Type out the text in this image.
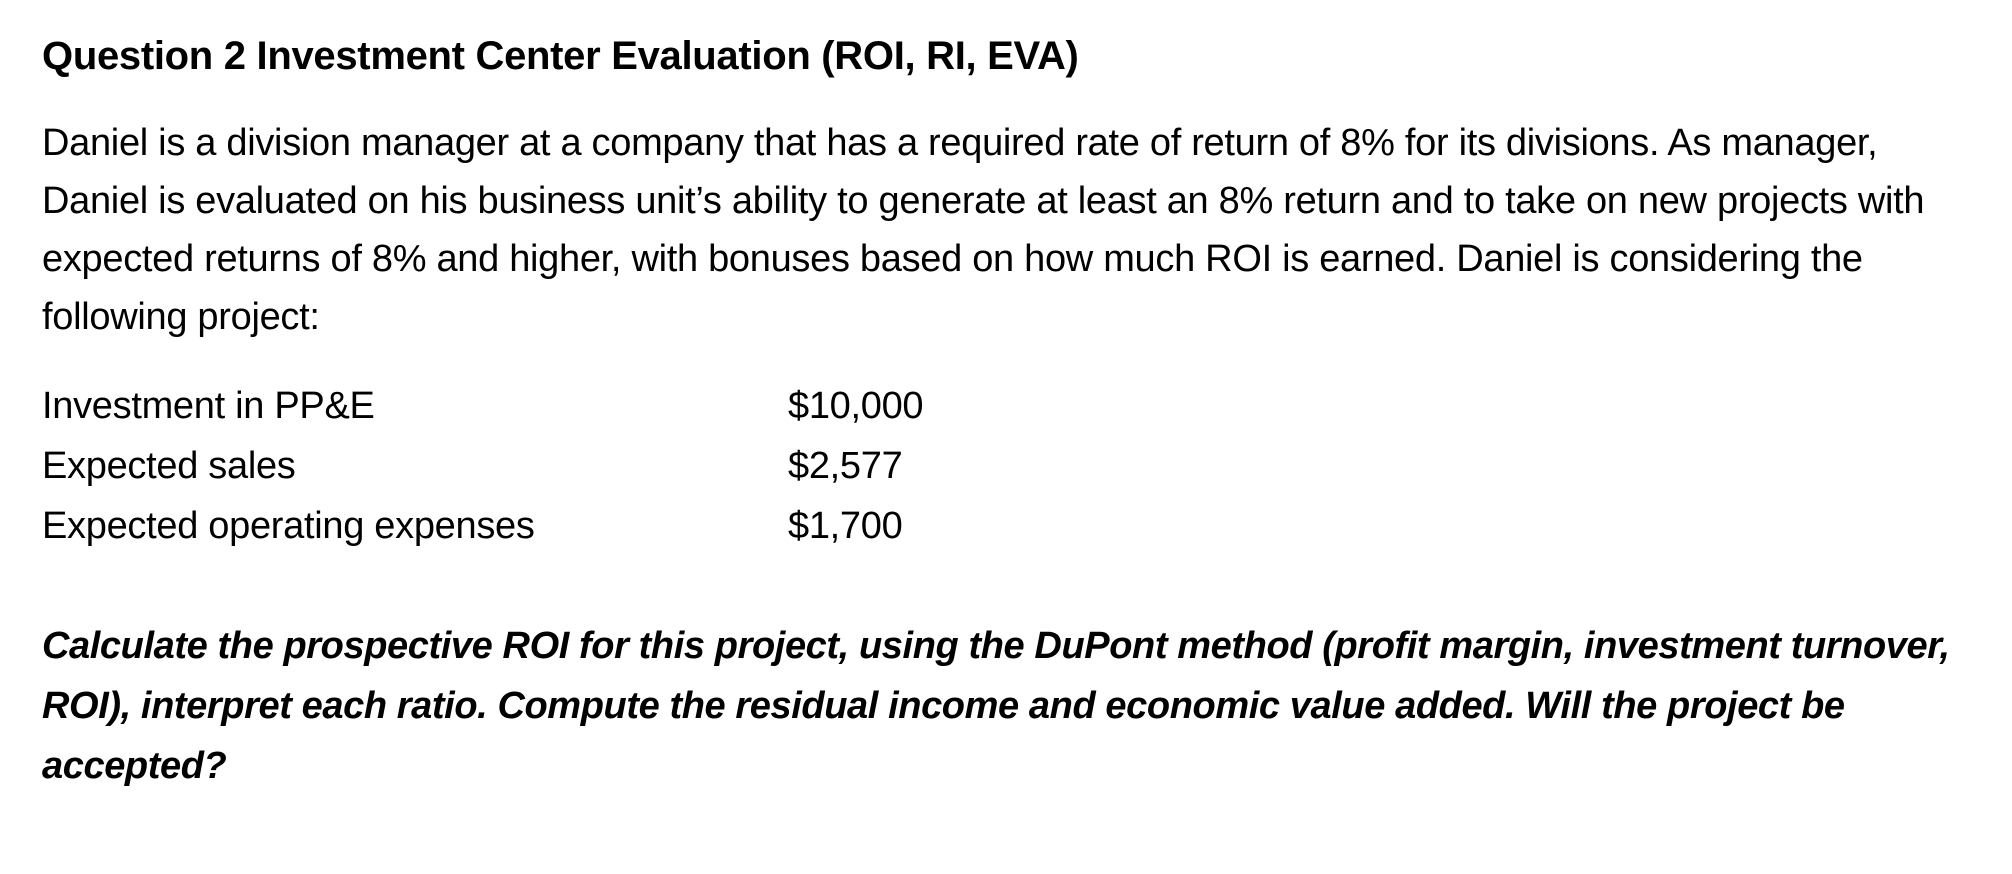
Question 2 Investment Center Evaluation (ROI, RI, EVA)

Daniel is a division manager at a company that has a required rate of return of 8% for its divisions. As manager, Daniel is evaluated on his business unit’s ability to generate at least an 8% return and to take on new projects with expected returns of 8% and higher, with bonuses based on how much ROI is earned. Daniel is considering the following project:

Investment in PP&E	$10,000
Expected sales	$2,577
Expected operating expenses	$1,700

Calculate the prospective ROI for this project, using the DuPont method (profit margin, investment turnover, ROI), interpret each ratio. Compute the residual income and economic value added. Will the project be accepted?
